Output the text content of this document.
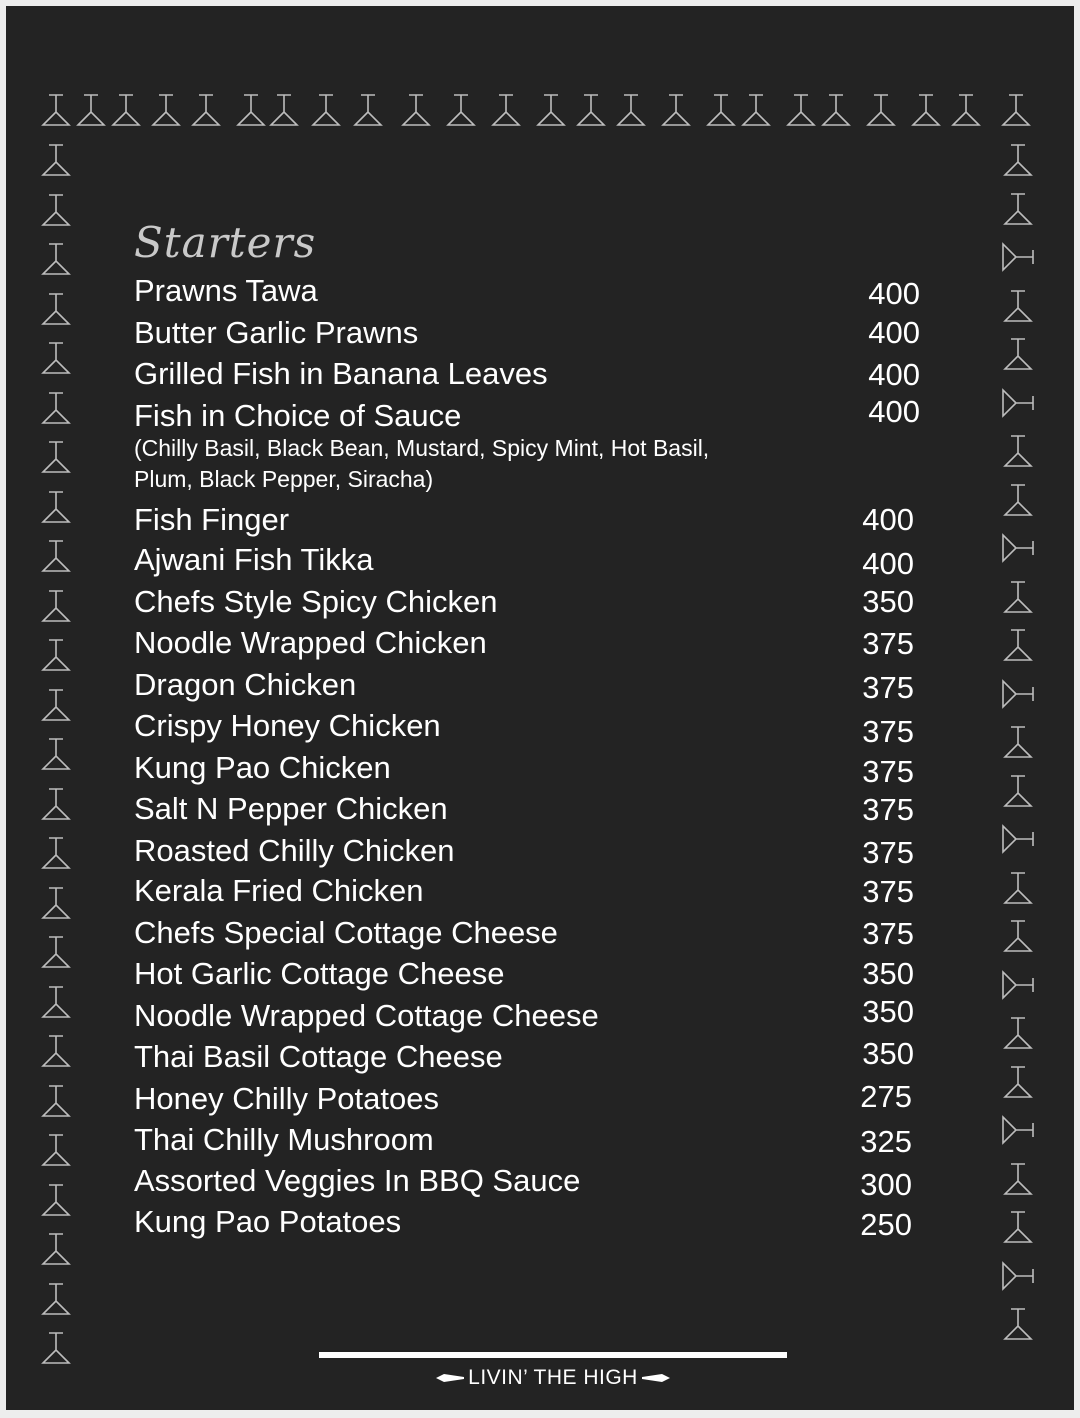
Starters
Prawns Tawa	400
Butter Garlic Prawns	400
Grilled Fish in Banana Leaves	400
Fish in Choice of Sauce	400
(Chilly Basil, Black Bean, Mustard, Spicy Mint, Hot Basil, Plum, Black Pepper, Siracha)
Fish Finger	400
Ajwani Fish Tikka	400
Chefs Style Spicy Chicken	350
Noodle Wrapped Chicken	375
Dragon Chicken	375
Crispy Honey Chicken	375
Kung Pao Chicken	375
Salt N Pepper Chicken	375
Roasted Chilly Chicken	375
Kerala Fried Chicken	375
Chefs Special Cottage Cheese	375
Hot Garlic Cottage Cheese	350
Noodle Wrapped Cottage Cheese	350
Thai Basil Cottage Cheese	350
Honey Chilly Potatoes	275
Thai Chilly Mushroom	325
Assorted Veggies In BBQ Sauce	300
Kung Pao Potatoes	250
LIVIN’ THE HIGH
